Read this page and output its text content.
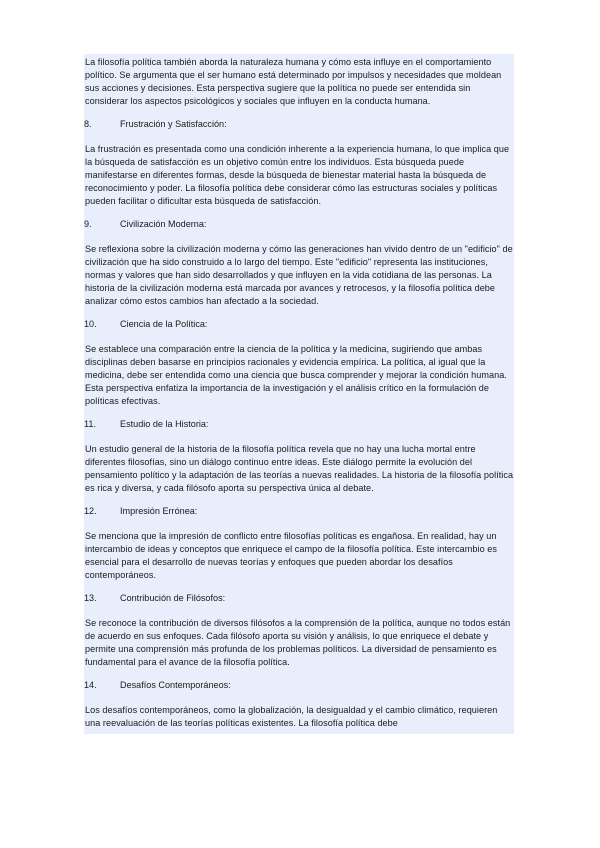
La filosofía política también aborda la naturaleza humana y cómo esta influye en el comportamiento político. Se argumenta que el ser humano está determinado por impulsos y necesidades que moldean sus acciones y decisiones. Esta perspectiva sugiere que la política no puede ser entendida sin considerar los aspectos psicológicos y sociales que influyen en la conducta humana.

8.	Frustración y Satisfacción:

La frustración es presentada como una condición inherente a la experiencia humana, lo que implica que la búsqueda de satisfacción es un objetivo común entre los individuos. Esta búsqueda puede manifestarse en diferentes formas, desde la búsqueda de bienestar material hasta la búsqueda de reconocimiento y poder. La filosofía política debe considerar cómo las estructuras sociales y políticas pueden facilitar o dificultar esta búsqueda de satisfacción.

9.	Civilización Moderna:

Se reflexiona sobre la civilización moderna y cómo las generaciones han vivido dentro de un "edificio" de civilización que ha sido construido a lo largo del tiempo. Este "edificio" representa las instituciones, normas y valores que han sido desarrollados y que influyen en la vida cotidiana de las personas. La historia de la civilización moderna está marcada por avances y retrocesos, y la filosofía política debe analizar cómo estos cambios han afectado a la sociedad.

10.	Ciencia de la Política:

Se establece una comparación entre la ciencia de la política y la medicina, sugiriendo que ambas disciplinas deben basarse en principios racionales y evidencia empírica. La política, al igual que la medicina, debe ser entendida como una ciencia que busca comprender y mejorar la condición humana. Esta perspectiva enfatiza la importancia de la investigación y el análisis crítico en la formulación de políticas efectivas.

11.	Estudio de la Historia:

Un estudio general de la historia de la filosofía política revela que no hay una lucha mortal entre diferentes filosofías, sino un diálogo continuo entre ideas. Este diálogo permite la evolución del pensamiento político y la adaptación de las teorías a nuevas realidades. La historia de la filosofía política es rica y diversa, y cada filósofo aporta su perspectiva única al debate.

12.	Impresión Errónea:

Se menciona que la impresión de conflicto entre filosofías políticas es engañosa. En realidad, hay un intercambio de ideas y conceptos que enriquece el campo de la filosofía política. Este intercambio es esencial para el desarrollo de nuevas teorías y enfoques que pueden abordar los desafíos contemporáneos.

13.	Contribución de Filósofos:

Se reconoce la contribución de diversos filósofos a la comprensión de la política, aunque no todos están de acuerdo en sus enfoques. Cada filósofo aporta su visión y análisis, lo que enriquece el debate y permite una comprensión más profunda de los problemas políticos. La diversidad de pensamiento es fundamental para el avance de la filosofía política.

14.	Desafíos Contemporáneos:

Los desafíos contemporáneos, como la globalización, la desigualdad y el cambio climático, requieren una reevaluación de las teorías políticas existentes. La filosofía política debe
